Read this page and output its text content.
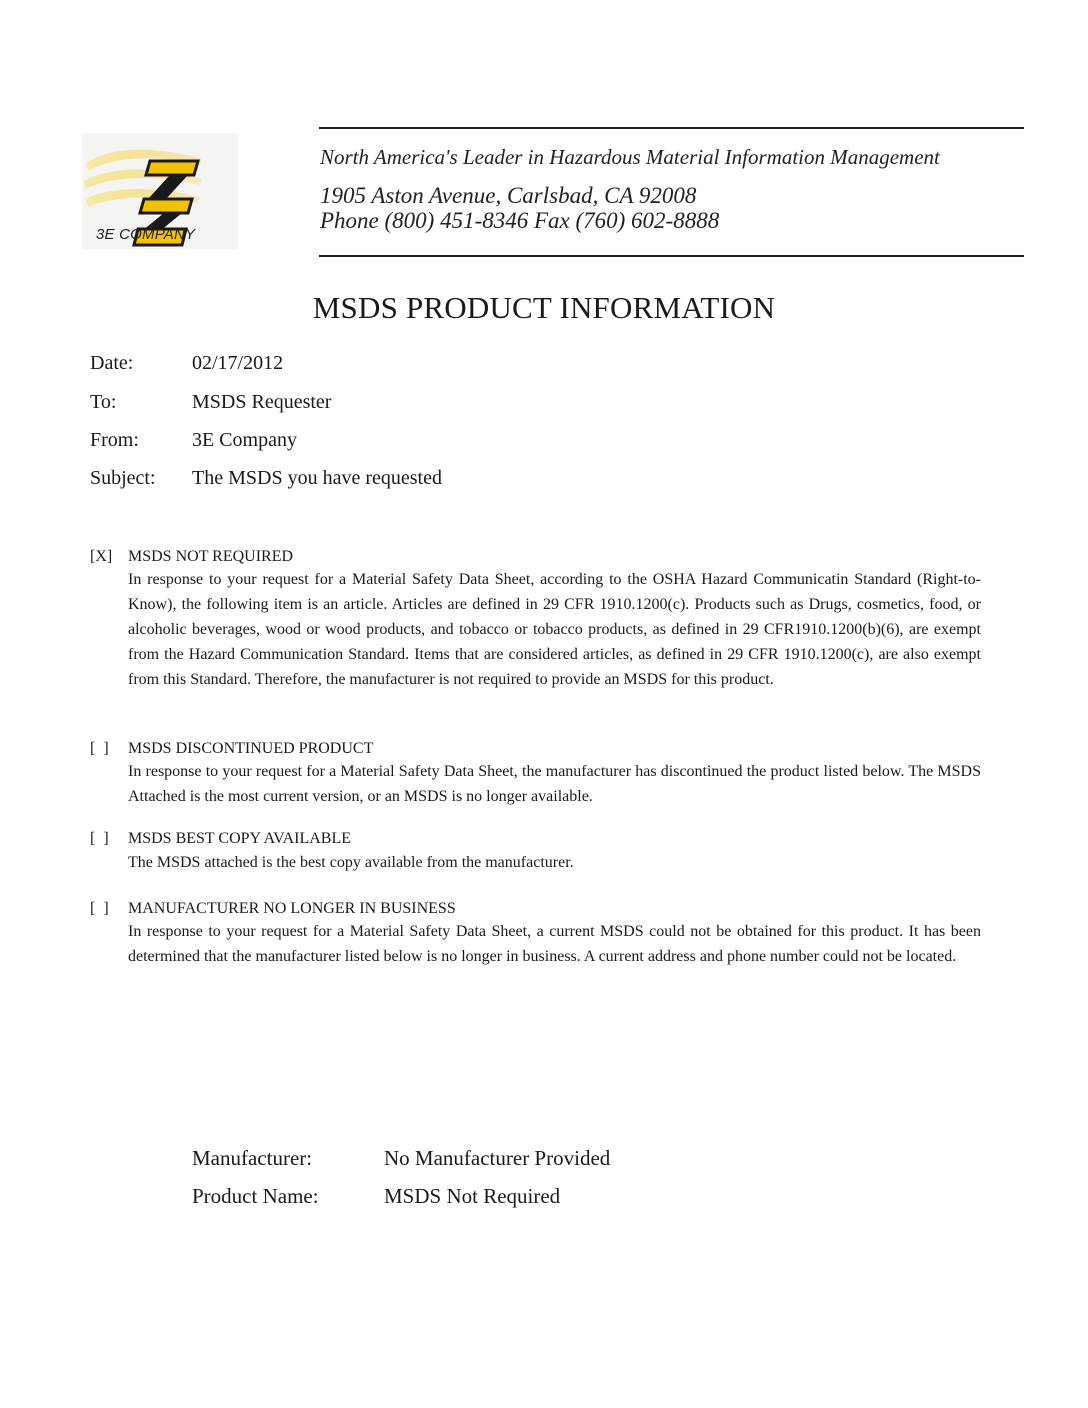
3E COMPANY
North America's Leader in Hazardous Material Information Management
1905 Aston Avenue, Carlsbad, CA 92008
Phone (800) 451-8346 Fax (760) 602-8888
MSDS PRODUCT INFORMATION
Date:	02/17/2012
To:	MSDS Requester
From:	3E Company
Subject: The MSDS you have requested
[X] MSDS NOT REQUIRED
In response to your request for a Material Safety Data Sheet, according to the OSHA Hazard Communicatin Standard (Right-to-Know), the following item is an article. Articles are defined in 29 CFR 1910.1200(c). Products such as Drugs, cosmetics, food, or alcoholic beverages, wood or wood products, and tobacco or tobacco products, as defined in 29 CFR1910.1200(b)(6), are exempt from the Hazard Communication Standard. Items that are considered articles, as defined in 29 CFR 1910.1200(c), are also exempt from this Standard. Therefore, the manufacturer is not required to provide an MSDS for this product.
[  ] MSDS DISCONTINUED PRODUCT
In response to your request for a Material Safety Data Sheet, the manufacturer has discontinued the product listed below. The MSDS Attached is the most current version, or an MSDS is no longer available.
[  ] MSDS BEST COPY AVAILABLE
The MSDS attached is the best copy available from the manufacturer.
[  ] MANUFACTURER NO LONGER IN BUSINESS
In response to your request for a Material Safety Data Sheet, a current MSDS could not be obtained for this product. It has been determined that the manufacturer listed below is no longer in business. A current address and phone number could not be located.
Manufacturer:	No Manufacturer Provided
Product Name:	MSDS Not Required
